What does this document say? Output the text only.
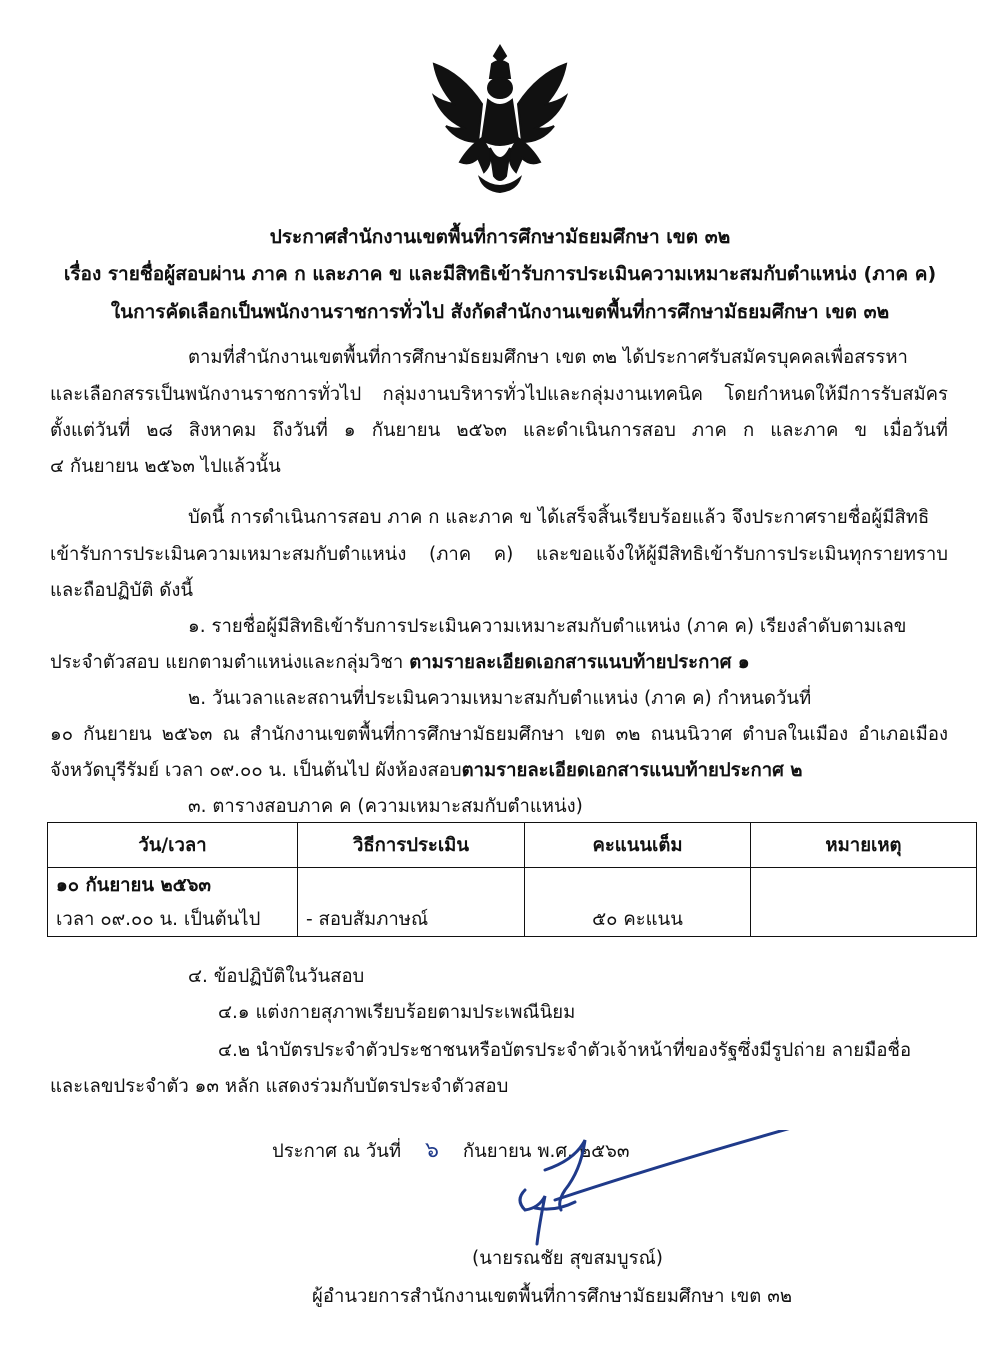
ประกาศสำนักงานเขตพื้นที่การศึกษามัธยมศึกษา เขต ๓๒
เรื่อง รายชื่อผู้สอบผ่าน ภาค ก และภาค ข และมีสิทธิเข้ารับการประเมินความเหมาะสมกับตำแหน่ง (ภาค ค)
ในการคัดเลือกเป็นพนักงานราชการทั่วไป สังกัดสำนักงานเขตพื้นที่การศึกษามัธยมศึกษา เขต ๓๒
ตามที่สำนักงานเขตพื้นที่การศึกษามัธยมศึกษา เขต ๓๒ ได้ประกาศรับสมัครบุคคลเพื่อสรรหา
และเลือกสรรเป็นพนักงานราชการทั่วไป กลุ่มงานบริหารทั่วไปและกลุ่มงานเทคนิค โดยกำหนดให้มีการรับสมัคร
ตั้งแต่วันที่ ๒๘ สิงหาคม ถึงวันที่ ๑ กันยายน ๒๕๖๓ และดำเนินการสอบ ภาค ก และภาค ข เมื่อวันที่
๔ กันยายน ๒๕๖๓ ไปแล้วนั้น
บัดนี้ การดำเนินการสอบ ภาค ก และภาค ข ได้เสร็จสิ้นเรียบร้อยแล้ว จึงประกาศรายชื่อผู้มีสิทธิ
เข้ารับการประเมินความเหมาะสมกับตำแหน่ง (ภาค ค) และขอแจ้งให้ผู้มีสิทธิเข้ารับการประเมินทุกรายทราบ
และถือปฏิบัติ ดังนี้
๑. รายชื่อผู้มีสิทธิเข้ารับการประเมินความเหมาะสมกับตำแหน่ง (ภาค ค) เรียงลำดับตามเลข
ประจำตัวสอบ แยกตามตำแหน่งและกลุ่มวิชา ตามรายละเอียดเอกสารแนบท้ายประกาศ ๑
๒. วันเวลาและสถานที่ประเมินความเหมาะสมกับตำแหน่ง (ภาค ค) กำหนดวันที่
๑๐ กันยายน ๒๕๖๓ ณ สำนักงานเขตพื้นที่การศึกษามัธยมศึกษา เขต ๓๒ ถนนนิวาศ ตำบลในเมือง อำเภอเมือง
จังหวัดบุรีรัมย์ เวลา ๐๙.๐๐ น. เป็นต้นไป ผังห้องสอบตามรายละเอียดเอกสารแนบท้ายประกาศ ๒
๓. ตารางสอบภาค ค (ความเหมาะสมกับตำแหน่ง)
วัน/เวลา	วิธีการประเมิน	คะแนนเต็ม	หมายเหตุ
๑๐ กันยายน ๒๕๖๓			
เวลา ๐๙.๐๐ น. เป็นต้นไป	- สอบสัมภาษณ์	๕๐ คะแนน	
๔. ข้อปฏิบัติในวันสอบ
๔.๑ แต่งกายสุภาพเรียบร้อยตามประเพณีนิยม
๔.๒ นำบัตรประจำตัวประชาชนหรือบัตรประจำตัวเจ้าหน้าที่ของรัฐซึ่งมีรูปถ่าย ลายมือชื่อ
และเลขประจำตัว ๑๓ หลัก แสดงร่วมกับบัตรประจำตัวสอบ
ประกาศ ณ วันที่ ๖ กันยายน พ.ศ. ๒๕๖๓
(นายรณชัย สุขสมบูรณ์)
ผู้อำนวยการสำนักงานเขตพื้นที่การศึกษามัธยมศึกษา เขต ๓๒
